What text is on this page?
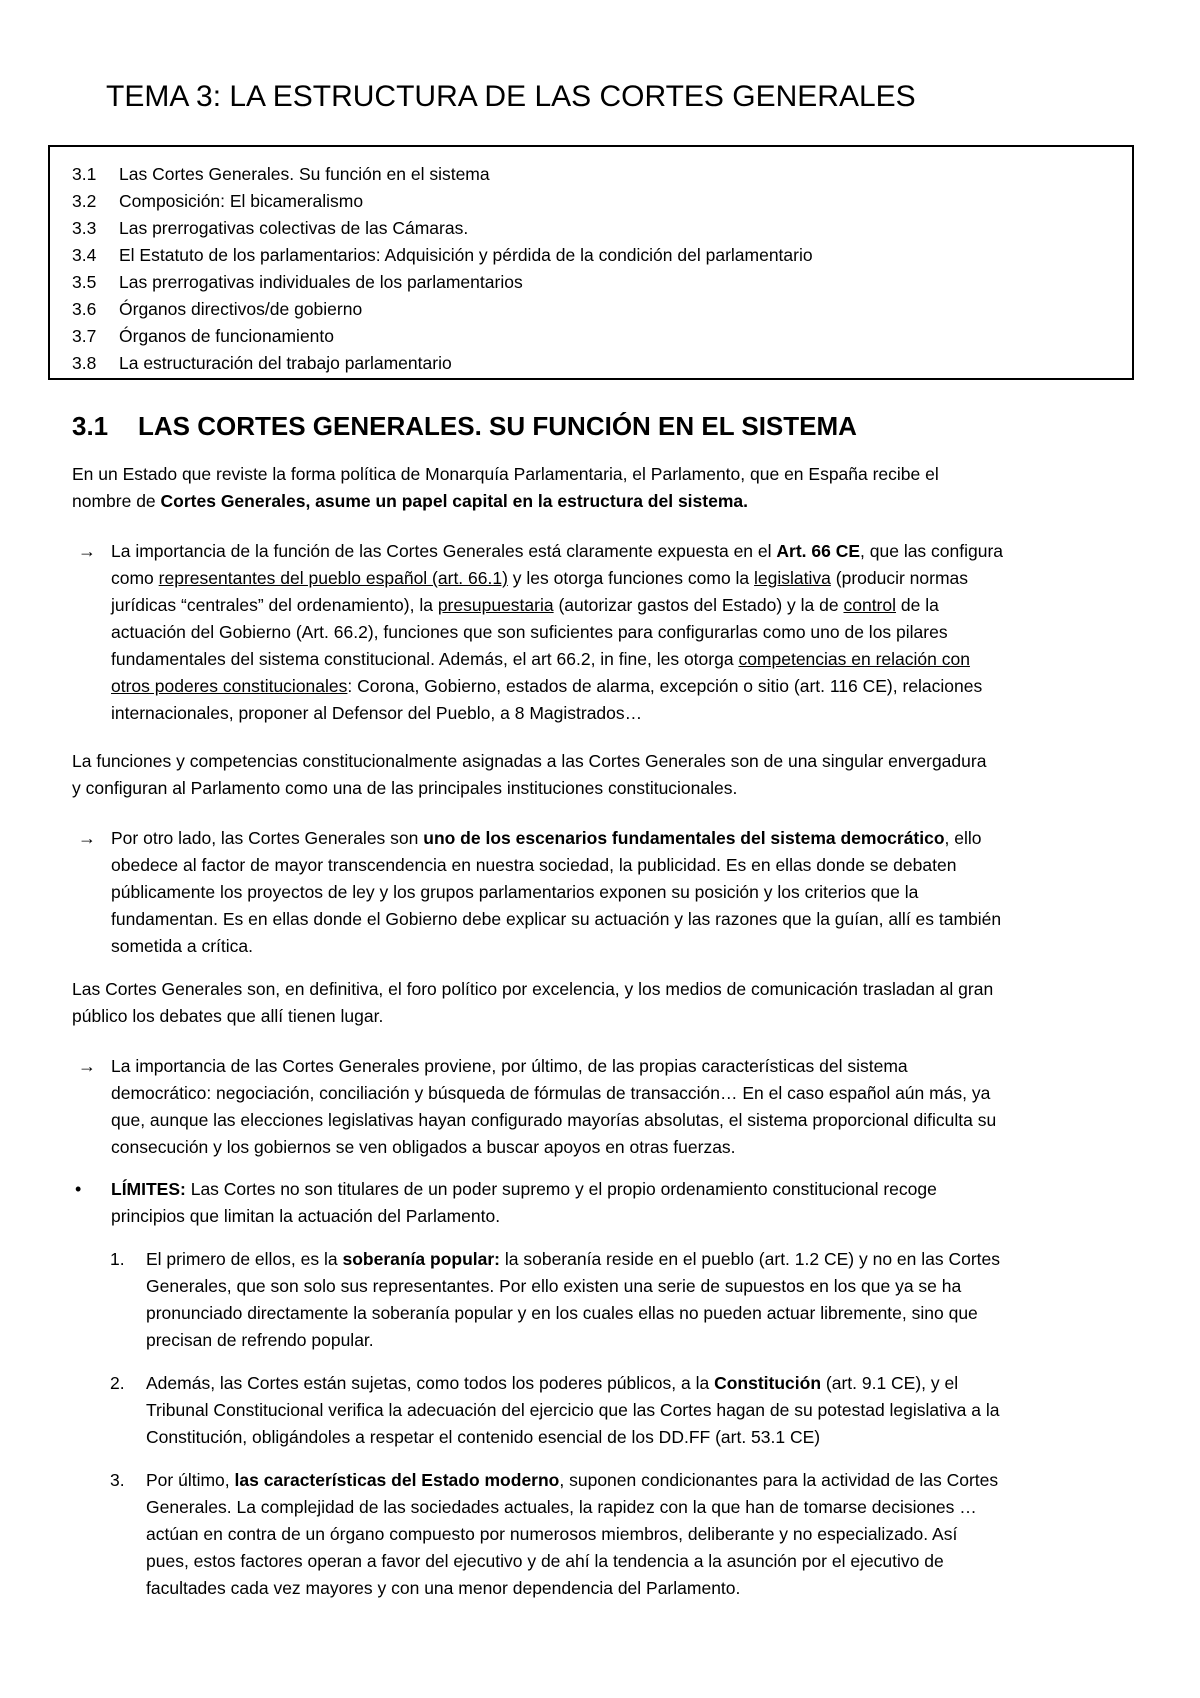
TEMA 3: LA ESTRUCTURA DE LAS CORTES GENERALES
3.1	Las Cortes Generales. Su función en el sistema
3.2	Composición: El bicameralismo
3.3	Las prerrogativas colectivas de las Cámaras.
3.4	El Estatuto de los parlamentarios: Adquisición y pérdida de la condición del parlamentario
3.5	Las prerrogativas individuales de los parlamentarios
3.6	Órganos directivos/de gobierno
3.7	Órganos de funcionamiento
3.8	La estructuración del trabajo parlamentario
3.1 LAS CORTES GENERALES. SU FUNCIÓN EN EL SISTEMA
En un Estado que reviste la forma política de Monarquía Parlamentaria, el Parlamento, que en España recibe el
nombre de Cortes Generales, asume un papel capital en la estructura del sistema.
→ La importancia de la función de las Cortes Generales está claramente expuesta en el Art. 66 CE, que las configura
como representantes del pueblo español (art. 66.1) y les otorga funciones como la legislativa (producir normas
jurídicas “centrales” del ordenamiento), la presupuestaria (autorizar gastos del Estado) y la de control de la
actuación del Gobierno (Art. 66.2), funciones que son suficientes para configurarlas como uno de los pilares
fundamentales del sistema constitucional. Además, el art 66.2, in fine, les otorga competencias en relación con
otros poderes constitucionales: Corona, Gobierno, estados de alarma, excepción o sitio (art. 116 CE), relaciones
internacionales, proponer al Defensor del Pueblo, a 8 Magistrados…
La funciones y competencias constitucionalmente asignadas a las Cortes Generales son de una singular envergadura
y configuran al Parlamento como una de las principales instituciones constitucionales.
→ Por otro lado, las Cortes Generales son uno de los escenarios fundamentales del sistema democrático, ello
obedece al factor de mayor transcendencia en nuestra sociedad, la publicidad. Es en ellas donde se debaten
públicamente los proyectos de ley y los grupos parlamentarios exponen su posición y los criterios que la
fundamentan. Es en ellas donde el Gobierno debe explicar su actuación y las razones que la guían, allí es también
sometida a crítica.
Las Cortes Generales son, en definitiva, el foro político por excelencia, y los medios de comunicación trasladan al gran
público los debates que allí tienen lugar.
→ La importancia de las Cortes Generales proviene, por último, de las propias características del sistema
democrático: negociación, conciliación y búsqueda de fórmulas de transacción… En el caso español aún más, ya
que, aunque las elecciones legislativas hayan configurado mayorías absolutas, el sistema proporcional dificulta su
consecución y los gobiernos se ven obligados a buscar apoyos en otras fuerzas.
• LÍMITES: Las Cortes no son titulares de un poder supremo y el propio ordenamiento constitucional recoge
principios que limitan la actuación del Parlamento.
1. El primero de ellos, es la soberanía popular: la soberanía reside en el pueblo (art. 1.2 CE) y no en las Cortes
Generales, que son solo sus representantes. Por ello existen una serie de supuestos en los que ya se ha
pronunciado directamente la soberanía popular y en los cuales ellas no pueden actuar libremente, sino que
precisan de refrendo popular.
2. Además, las Cortes están sujetas, como todos los poderes públicos, a la Constitución (art. 9.1 CE), y el
Tribunal Constitucional verifica la adecuación del ejercicio que las Cortes hagan de su potestad legislativa a la
Constitución, obligándoles a respetar el contenido esencial de los DD.FF (art. 53.1 CE)
3. Por último, las características del Estado moderno, suponen condicionantes para la actividad de las Cortes
Generales. La complejidad de las sociedades actuales, la rapidez con la que han de tomarse decisiones …
actúan en contra de un órgano compuesto por numerosos miembros, deliberante y no especializado. Así
pues, estos factores operan a favor del ejecutivo y de ahí la tendencia a la asunción por el ejecutivo de
facultades cada vez mayores y con una menor dependencia del Parlamento.
